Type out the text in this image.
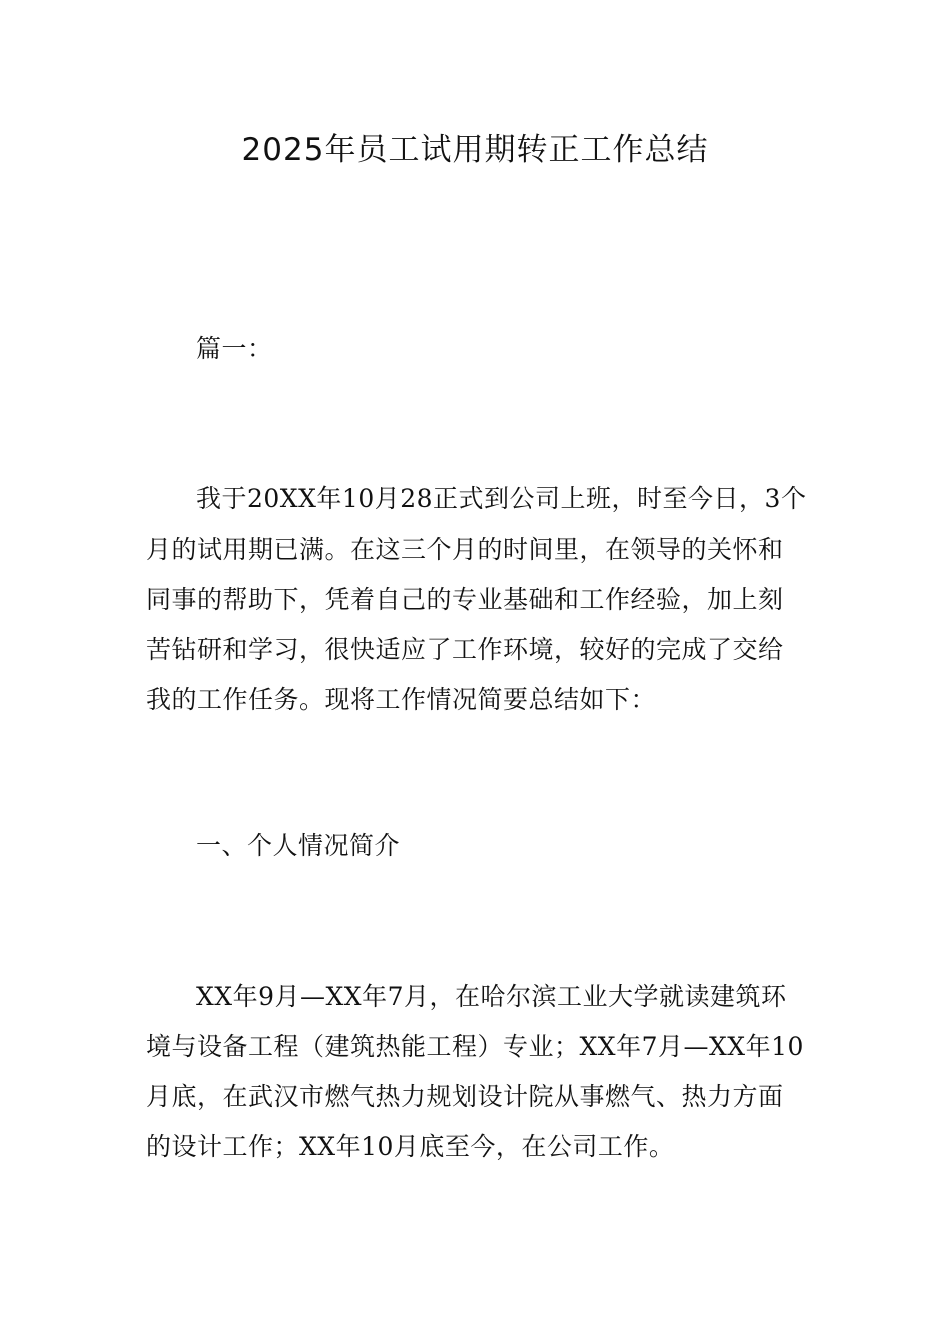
2025年员工试用期转正工作总结
篇一：
我于20XX年10月28正式到公司上班，时至今日，3个
月的试用期已满。在这三个月的时间里，在领导的关怀和
同事的帮助下，凭着自己的专业基础和工作经验，加上刻
苦钻研和学习，很快适应了工作环境，较好的完成了交给
我的工作任务。现将工作情况简要总结如下：
一、个人情况简介
XX年9月—XX年7月，在哈尔滨工业大学就读建筑环
境与设备工程（建筑热能工程）专业；XX年7月—XX年10
月底，在武汉市燃气热力规划设计院从事燃气、热力方面
的设计工作；XX年10月底至今，在公司工作。
